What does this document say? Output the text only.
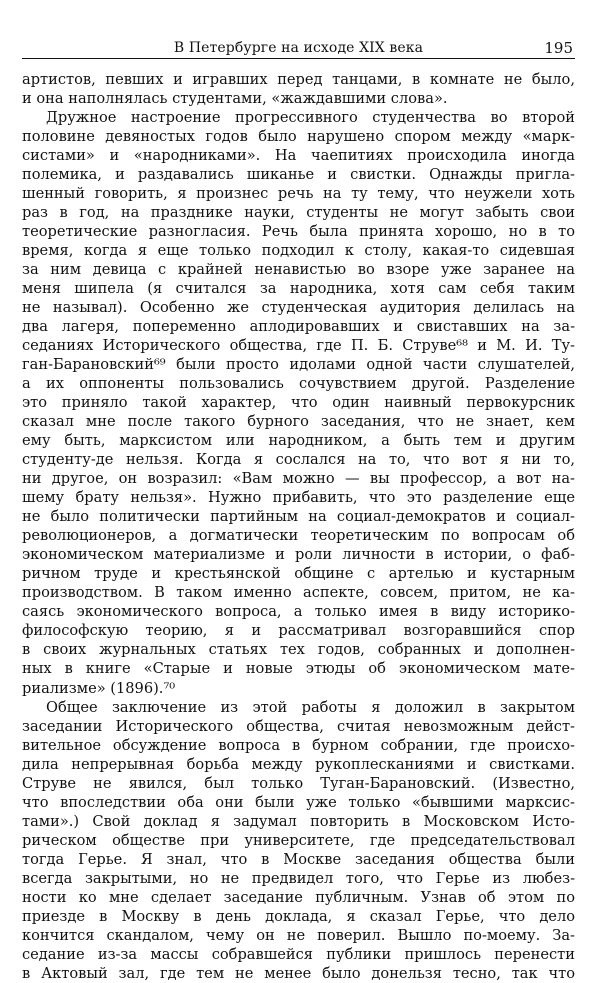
В Петербурге на исходе XIX века	195
артистов, певших и игравших перед танцами, в комнате не было,
и она наполнялась студентами, «жаждавшими слова».
Дружное настроение прогрессивного студенчества во второй
половине девяностых годов было нарушено спором между «марк-
систами» и «народниками». На чаепитиях происходила иногда
полемика, и раздавались шиканье и свистки. Однажды пригла-
шенный говорить, я произнес речь на ту тему, что неужели хоть
раз в год, на празднике науки, студенты не могут забыть свои
теоретические разногласия. Речь была принята хорошо, но в то
время, когда я еще только подходил к столу, какая-то сидевшая
за ним девица с крайней ненавистью во взоре уже заранее на
меня шипела (я считался за народника, хотя сам себя таким
не называл). Особенно же студенческая аудитория делилась на
два лагеря, попеременно аплодировавших и свиставших на за-
седаниях Исторического общества, где П. Б. Струве⁶⁸ и М. И. Ту-
ган-Барановский⁶⁹ были просто идолами одной части слушателей,
а их оппоненты пользовались сочувствием другой. Разделение
это приняло такой характер, что один наивный первокурсник
сказал мне после такого бурного заседания, что не знает, кем
ему быть, марксистом или народником, а быть тем и другим
студенту-де нельзя. Когда я сослался на то, что вот я ни то,
ни другое, он возразил: «Вам можно — вы профессор, а вот на-
шему брату нельзя». Нужно прибавить, что это разделение еще
не было политически партийным на социал-демократов и социал-
революционеров, а догматически теоретическим по вопросам об
экономическом материализме и роли личности в истории, о фаб-
ричном труде и крестьянской общине с артелью и кустарным
производством. В таком именно аспекте, совсем, притом, не ка-
саясь экономического вопроса, а только имея в виду историко-
философскую теорию, я и рассматривал возгоравшийся спор
в своих журнальных статьях тех годов, собранных и дополнен-
ных в книге «Старые и новые этюды об экономическом мате-
риализме» (1896).⁷⁰
Общее заключение из этой работы я доложил в закрытом
заседании Исторического общества, считая невозможным дейст-
вительное обсуждение вопроса в бурном собрании, где происхо-
дила непрерывная борьба между рукоплесканиями и свистками.
Струве не явился, был только Туган-Барановский. (Известно,
что впоследствии оба они были уже только «бывшими марксис-
тами».) Свой доклад я задумал повторить в Московском Исто-
рическом обществе при университете, где председательствовал
тогда Герье. Я знал, что в Москве заседания общества были
всегда закрытыми, но не предвидел того, что Герье из любез-
ности ко мне сделает заседание публичным. Узнав об этом по
приезде в Москву в день доклада, я сказал Герье, что дело
кончится скандалом, чему он не поверил. Вышло по-моему. За-
седание из-за массы собравшейся публики пришлось перенести
в Актовый зал, где тем не менее было донельзя тесно, так что
